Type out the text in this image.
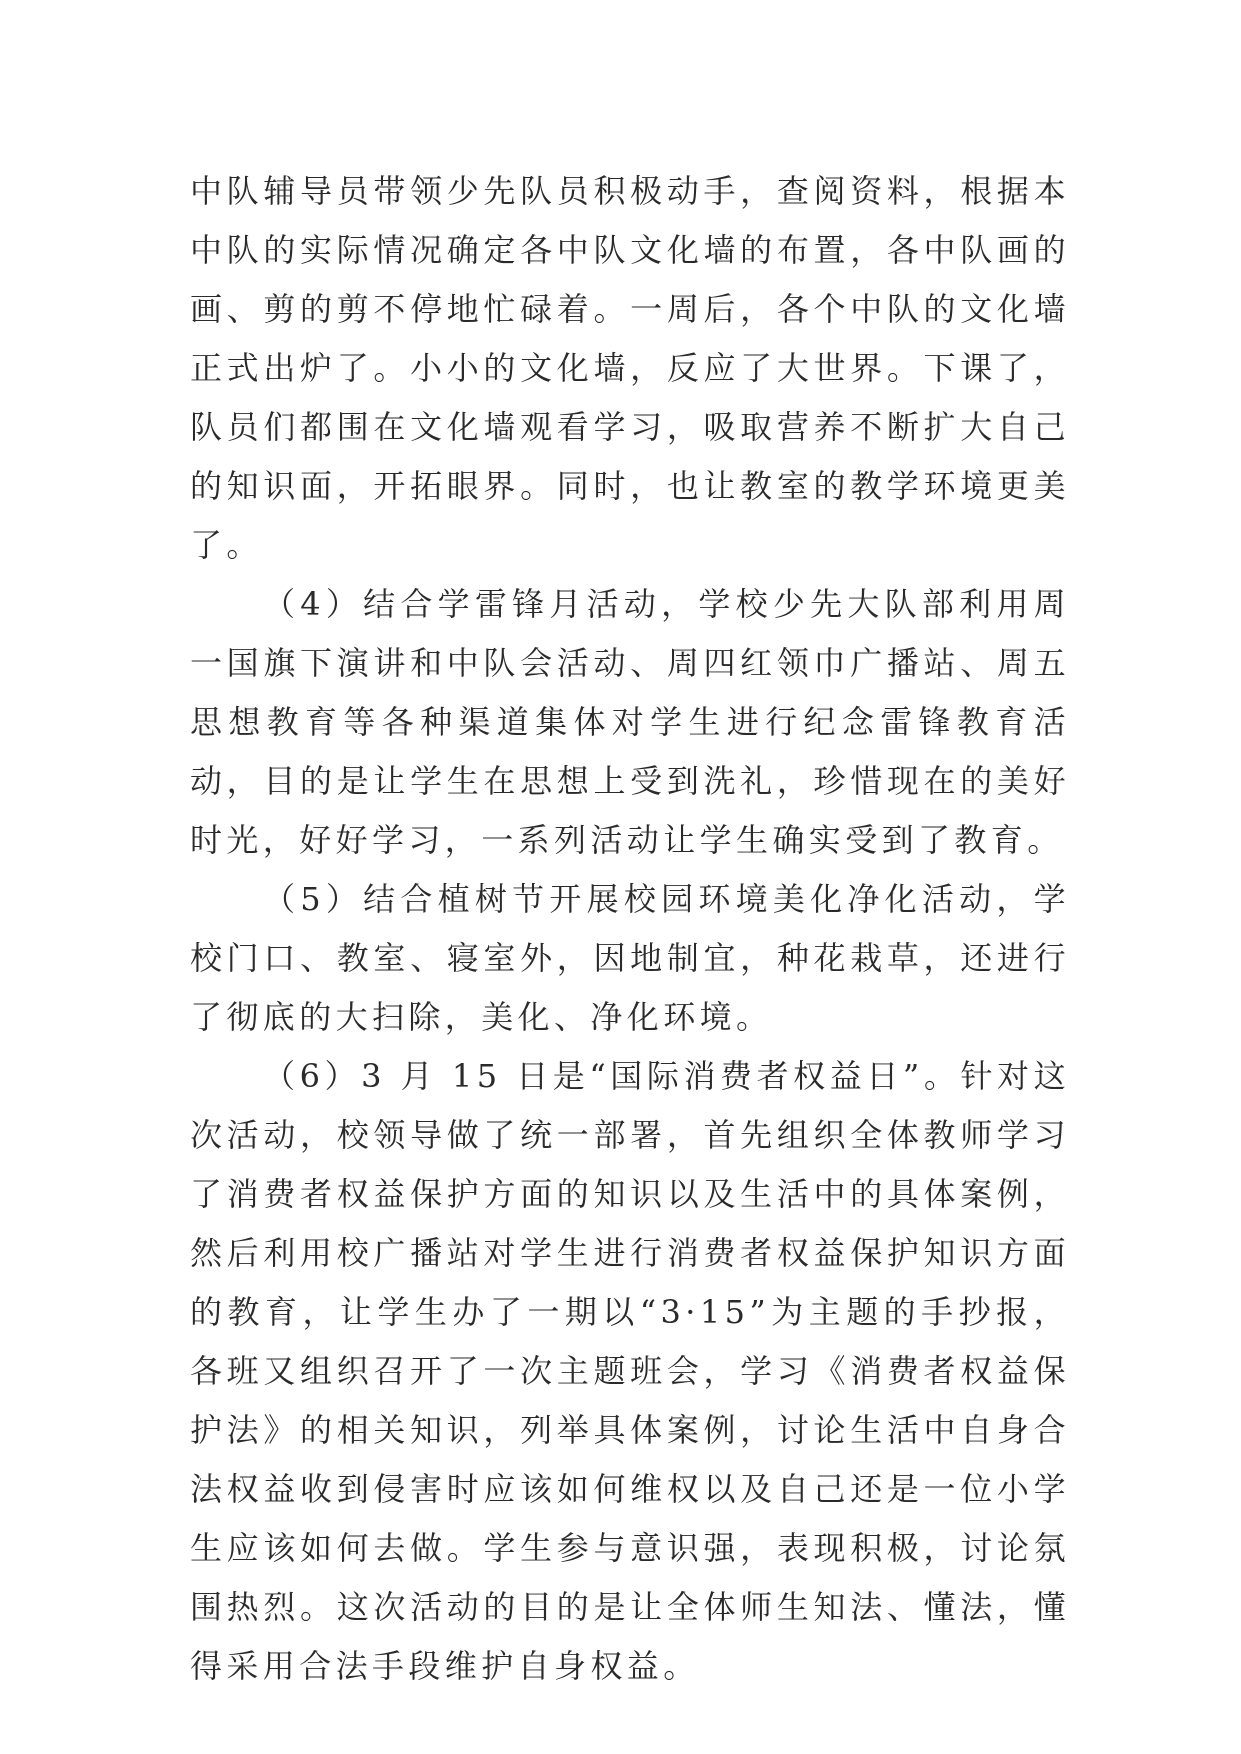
中队辅导员带领少先队员积极动手，查阅资料，根据本中队的实际情况确定各中队文化墙的布置，各中队画的画、剪的剪不停地忙碌着。一周后，各个中队的文化墙正式出炉了。小小的文化墙，反应了大世界。下课了，队员们都围在文化墙观看学习，吸取营养不断扩大自己的知识面，开拓眼界。同时，也让教室的教学环境更美了。

（4）结合学雷锋月活动，学校少先大队部利用周一国旗下演讲和中队会活动、周四红领巾广播站、周五思想教育等各种渠道集体对学生进行纪念雷锋教育活动，目的是让学生在思想上受到洗礼，珍惜现在的美好时光，好好学习，一系列活动让学生确实受到了教育。

（5）结合植树节开展校园环境美化净化活动，学校门口、教室、寝室外，因地制宜，种花栽草，还进行了彻底的大扫除，美化、净化环境。

（6）3 月 15 日是“国际消费者权益日”。针对这次活动，校领导做了统一部署，首先组织全体教师学习了消费者权益保护方面的知识以及生活中的具体案例，然后利用校广播站对学生进行消费者权益保护知识方面的教育，让学生办了一期以“3·15”为主题的手抄报，各班又组织召开了一次主题班会，学习《消费者权益保护法》的相关知识，列举具体案例，讨论生活中自身合法权益收到侵害时应该如何维权以及自己还是一位小学生应该如何去做。学生参与意识强，表现积极，讨论氛围热烈。这次活动的目的是让全体师生知法、懂法，懂得采用合法手段维护自身权益。
